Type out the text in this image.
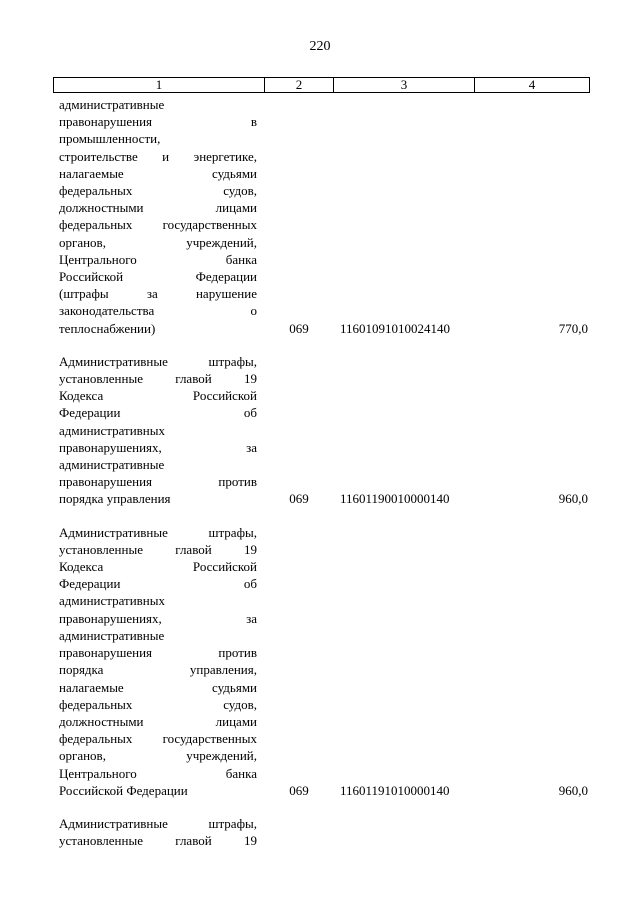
220
1	2	3	4
административные
правонарушения в
промышленности,
строительстве и энергетике,
налагаемые судьями
федеральных судов,
должностными лицами
федеральных государственных
органов, учреждений,
Центрального банка
Российской Федерации
(штрафы за нарушение
законодательства о
теплоснабжении)	069	11601091010024140	770,0
Административные штрафы,
установленные главой 19
Кодекса Российской
Федерации об
административных
правонарушениях, за
административные
правонарушения против
порядка управления	069	11601190010000140	960,0
Административные штрафы,
установленные главой 19
Кодекса Российской
Федерации об
административных
правонарушениях, за
административные
правонарушения против
порядка управления,
налагаемые судьями
федеральных судов,
должностными лицами
федеральных государственных
органов, учреждений,
Центрального банка
Российской Федерации	069	11601191010000140	960,0
Административные штрафы,
установленные главой 19
